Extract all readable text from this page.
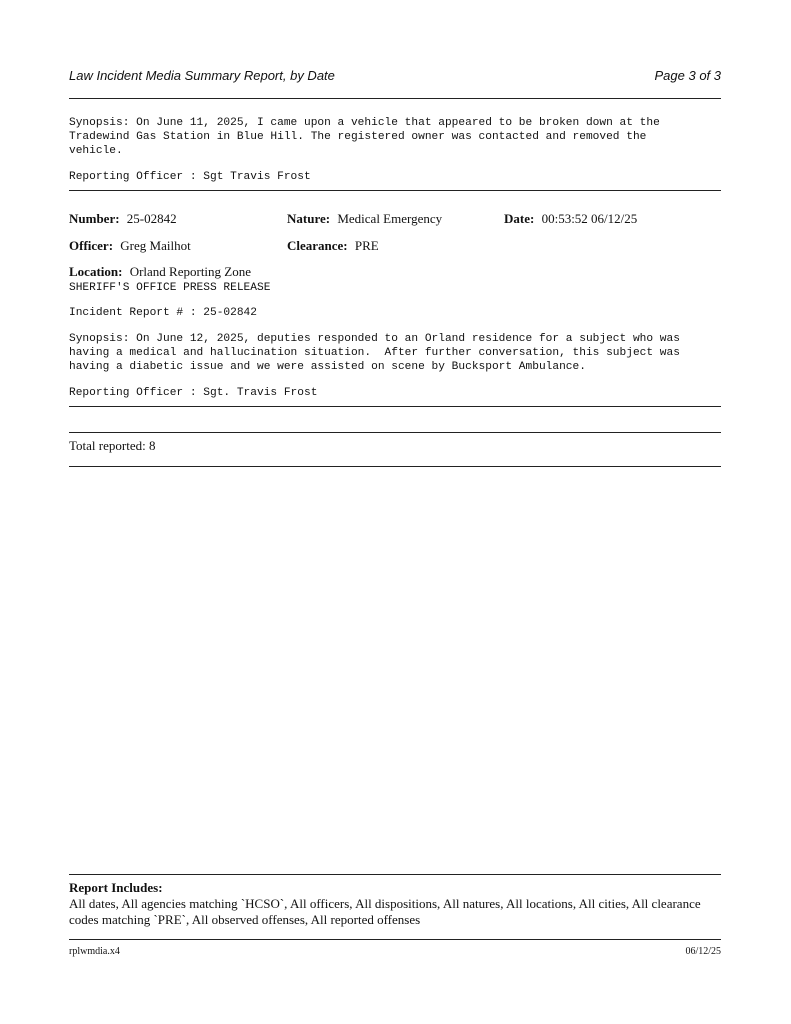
Law Incident Media Summary Report, by Date	Page 3 of 3
Synopsis: On June 11, 2025, I came upon a vehicle that appeared to be broken down at the
Tradewind Gas Station in Blue Hill. The registered owner was contacted and removed the
vehicle.
Reporting Officer : Sgt Travis Frost
Number: 25-02842	Nature: Medical Emergency	Date: 00:53:52 06/12/25
Officer: Greg Mailhot	Clearance: PRE
Location: Orland Reporting Zone
SHERIFF'S OFFICE PRESS RELEASE
Incident Report # : 25-02842
Synopsis: On June 12, 2025, deputies responded to an Orland residence for a subject who was
having a medical and hallucination situation.  After further conversation, this subject was
having a diabetic issue and we were assisted on scene by Bucksport Ambulance.
Reporting Officer : Sgt. Travis Frost
Total reported: 8
Report Includes:
All dates, All agencies matching `HCSO`, All officers, All dispositions, All natures, All locations, All cities, All clearance
codes matching `PRE`, All observed offenses, All reported offenses
rplwmdia.x4	06/12/25
